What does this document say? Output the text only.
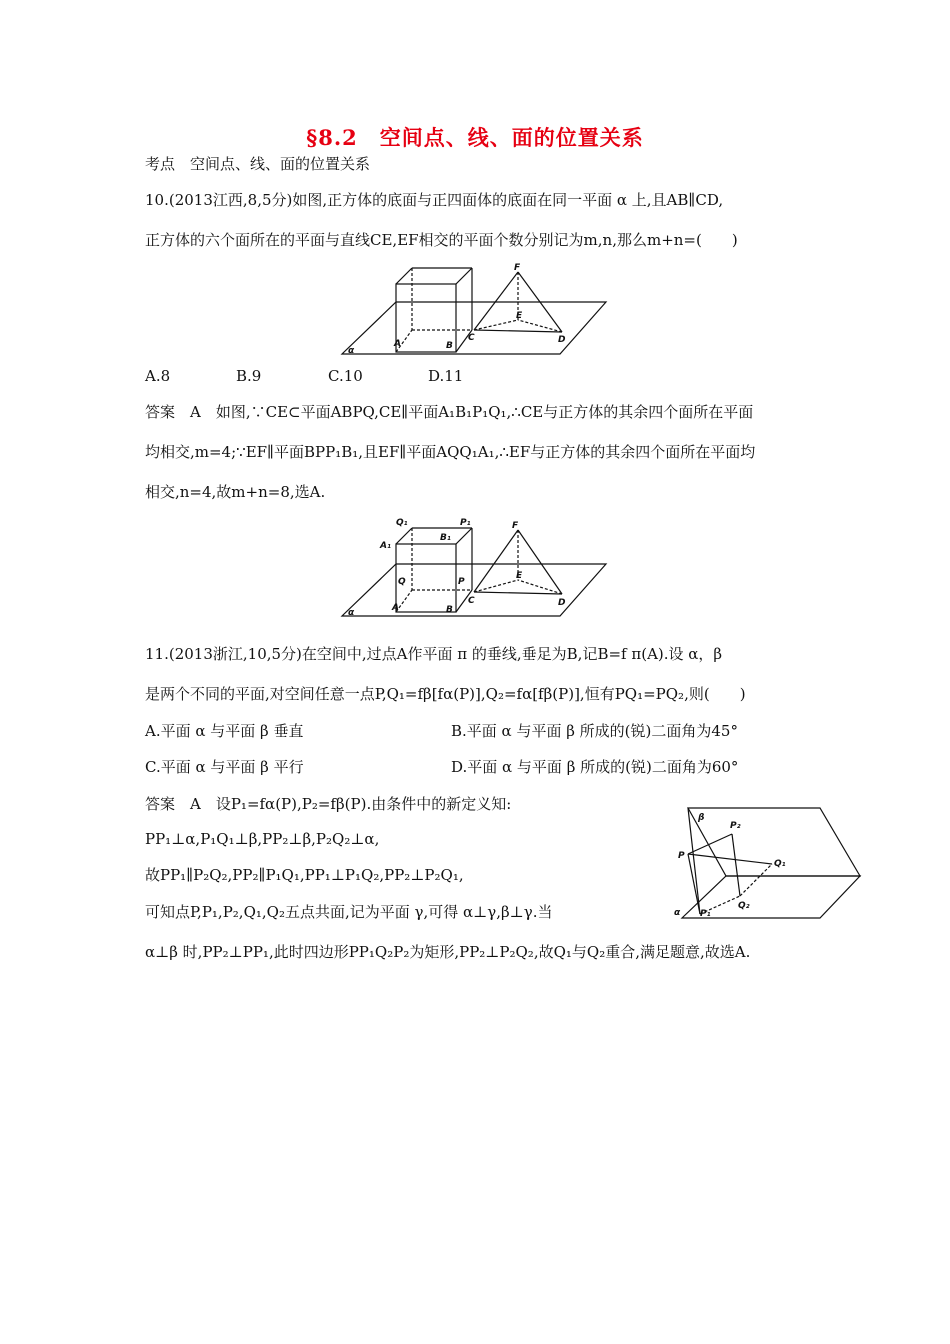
§8.2　空间点、线、面的位置关系
考点　空间点、线、面的位置关系
10.(2013江西,8,5分)如图,正方体的底面与正四面体的底面在同一平面 α 上,且AB∥CD,
正方体的六个面所在的平面与直线CE,EF相交的平面个数分别记为m,n,那么m+n=(　　)
α
A	B
C	D
E
F
A.8	B.9	C.10	D.11
答案　A　如图,∵CE⊂平面ABPQ,CE∥平面A₁B₁P₁Q₁,∴CE与正方体的其余四个面所在平面
均相交,m=4;∵EF∥平面BPP₁B₁,且EF∥平面AQQ₁A₁,∴EF与正方体的其余四个面所在平面均
相交,n=4,故m+n=8,选A.
α
Q₁	P₁
A₁
B₁
Q	P
A	B
C	D
E
F
11.(2013浙江,10,5分)在空间中,过点A作平面 π 的垂线,垂足为B,记B=f π(A).设 α，β
是两个不同的平面,对空间任意一点P,Q₁=fβ[fα(P)],Q₂=fα[fβ(P)],恒有PQ₁=PQ₂,则(　　)
A.平面 α 与平面 β 垂直	B.平面 α 与平面 β 所成的(锐)二面角为45°
C.平面 α 与平面 β 平行	D.平面 α 与平面 β 所成的(锐)二面角为60°
答案　A　设P₁=fα(P),P₂=fβ(P).由条件中的新定义知:
PP₁⊥α,P₁Q₁⊥β,PP₂⊥β,P₂Q₂⊥α,
故PP₁∥P₂Q₂,PP₂∥P₁Q₁,PP₁⊥P₁Q₂,PP₂⊥P₂Q₁,
可知点P,P₁,P₂,Q₁,Q₂五点共面,记为平面 γ,可得 α⊥γ,β⊥γ.当
α⊥β 时,PP₂⊥PP₁,此时四边形PP₁Q₂P₂为矩形,PP₂⊥P₂Q₂,故Q₁与Q₂重合,满足题意,故选A.
β
P₂
P
Q₁
Q₂
α P₁
